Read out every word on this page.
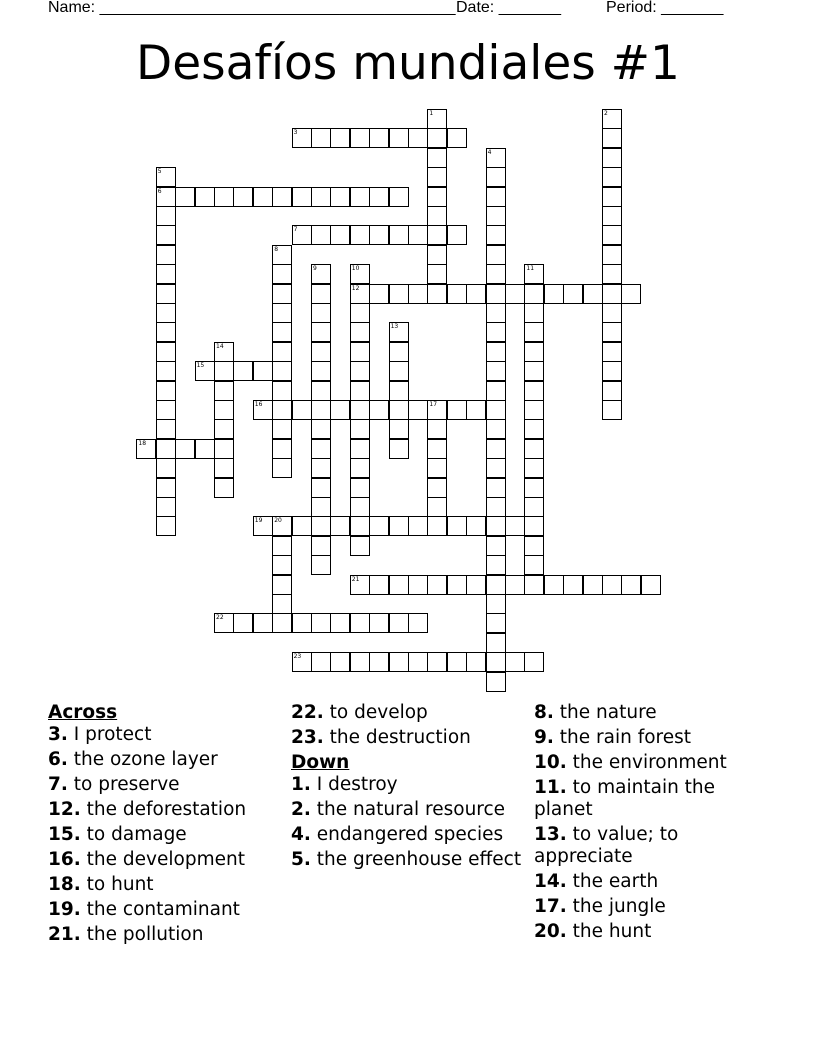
Name: ________________________________________ Date: _______	Period: _______
Desafíos mundiales #1
1	2
3
4
5
6
7
8
9	10
12
11
13
14
15
16	17
18
19 20
21
22
23

Across

3. I protect

6. the ozone layer

7. to preserve

12. the deforestation

15. to damage

16. the development

18. to hunt

19. the contaminant

21. the pollution

22. to develop

23. the destruction

Down

1. I destroy

2. the natural resource

4. endangered species

5. the greenhouse effect

8. the nature

9. the rain forest

10. the environment

11. to maintain the planet

13. to value; to appreciate

14. the earth

17. the jungle

20. the hunt
